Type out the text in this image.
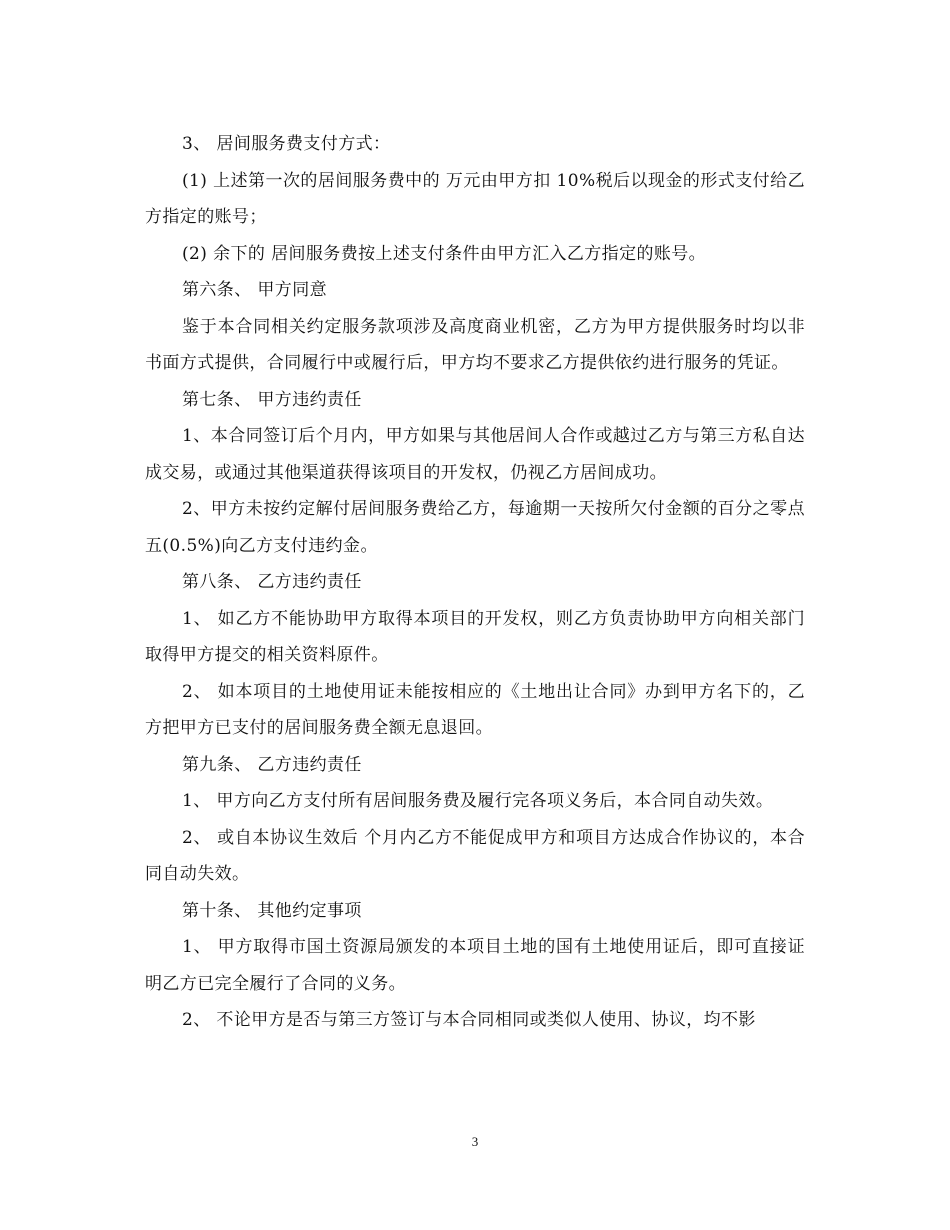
3、 居间服务费支付方式：

(1) 上述第一次的居间服务费中的 万元由甲方扣 10%税后以现金的形式支付给乙方指定的账号；

(2) 余下的 居间服务费按上述支付条件由甲方汇入乙方指定的账号。

第六条、 甲方同意

鉴于本合同相关约定服务款项涉及高度商业机密，乙方为甲方提供服务时均以非书面方式提供，合同履行中或履行后，甲方均不要求乙方提供依约进行服务的凭证。

第七条、 甲方违约责任

1、本合同签订后个月内，甲方如果与其他居间人合作或越过乙方与第三方私自达成交易，或通过其他渠道获得该项目的开发权，仍视乙方居间成功。

2、甲方未按约定解付居间服务费给乙方，每逾期一天按所欠付金额的百分之零点五(0.5%)向乙方支付违约金。

第八条、 乙方违约责任

1、 如乙方不能协助甲方取得本项目的开发权，则乙方负责协助甲方向相关部门取得甲方提交的相关资料原件。

2、 如本项目的土地使用证未能按相应的《土地出让合同》办到甲方名下的，乙方把甲方已支付的居间服务费全额无息退回。

第九条、 乙方违约责任

1、 甲方向乙方支付所有居间服务费及履行完各项义务后，本合同自动失效。

2、 或自本协议生效后 个月内乙方不能促成甲方和项目方达成合作协议的，本合同自动失效。

第十条、 其他约定事项

1、 甲方取得市国土资源局颁发的本项目土地的国有土地使用证后，即可直接证明乙方已完全履行了合同的义务。

2、 不论甲方是否与第三方签订与本合同相同或类似人使用、协议，均不影

3
